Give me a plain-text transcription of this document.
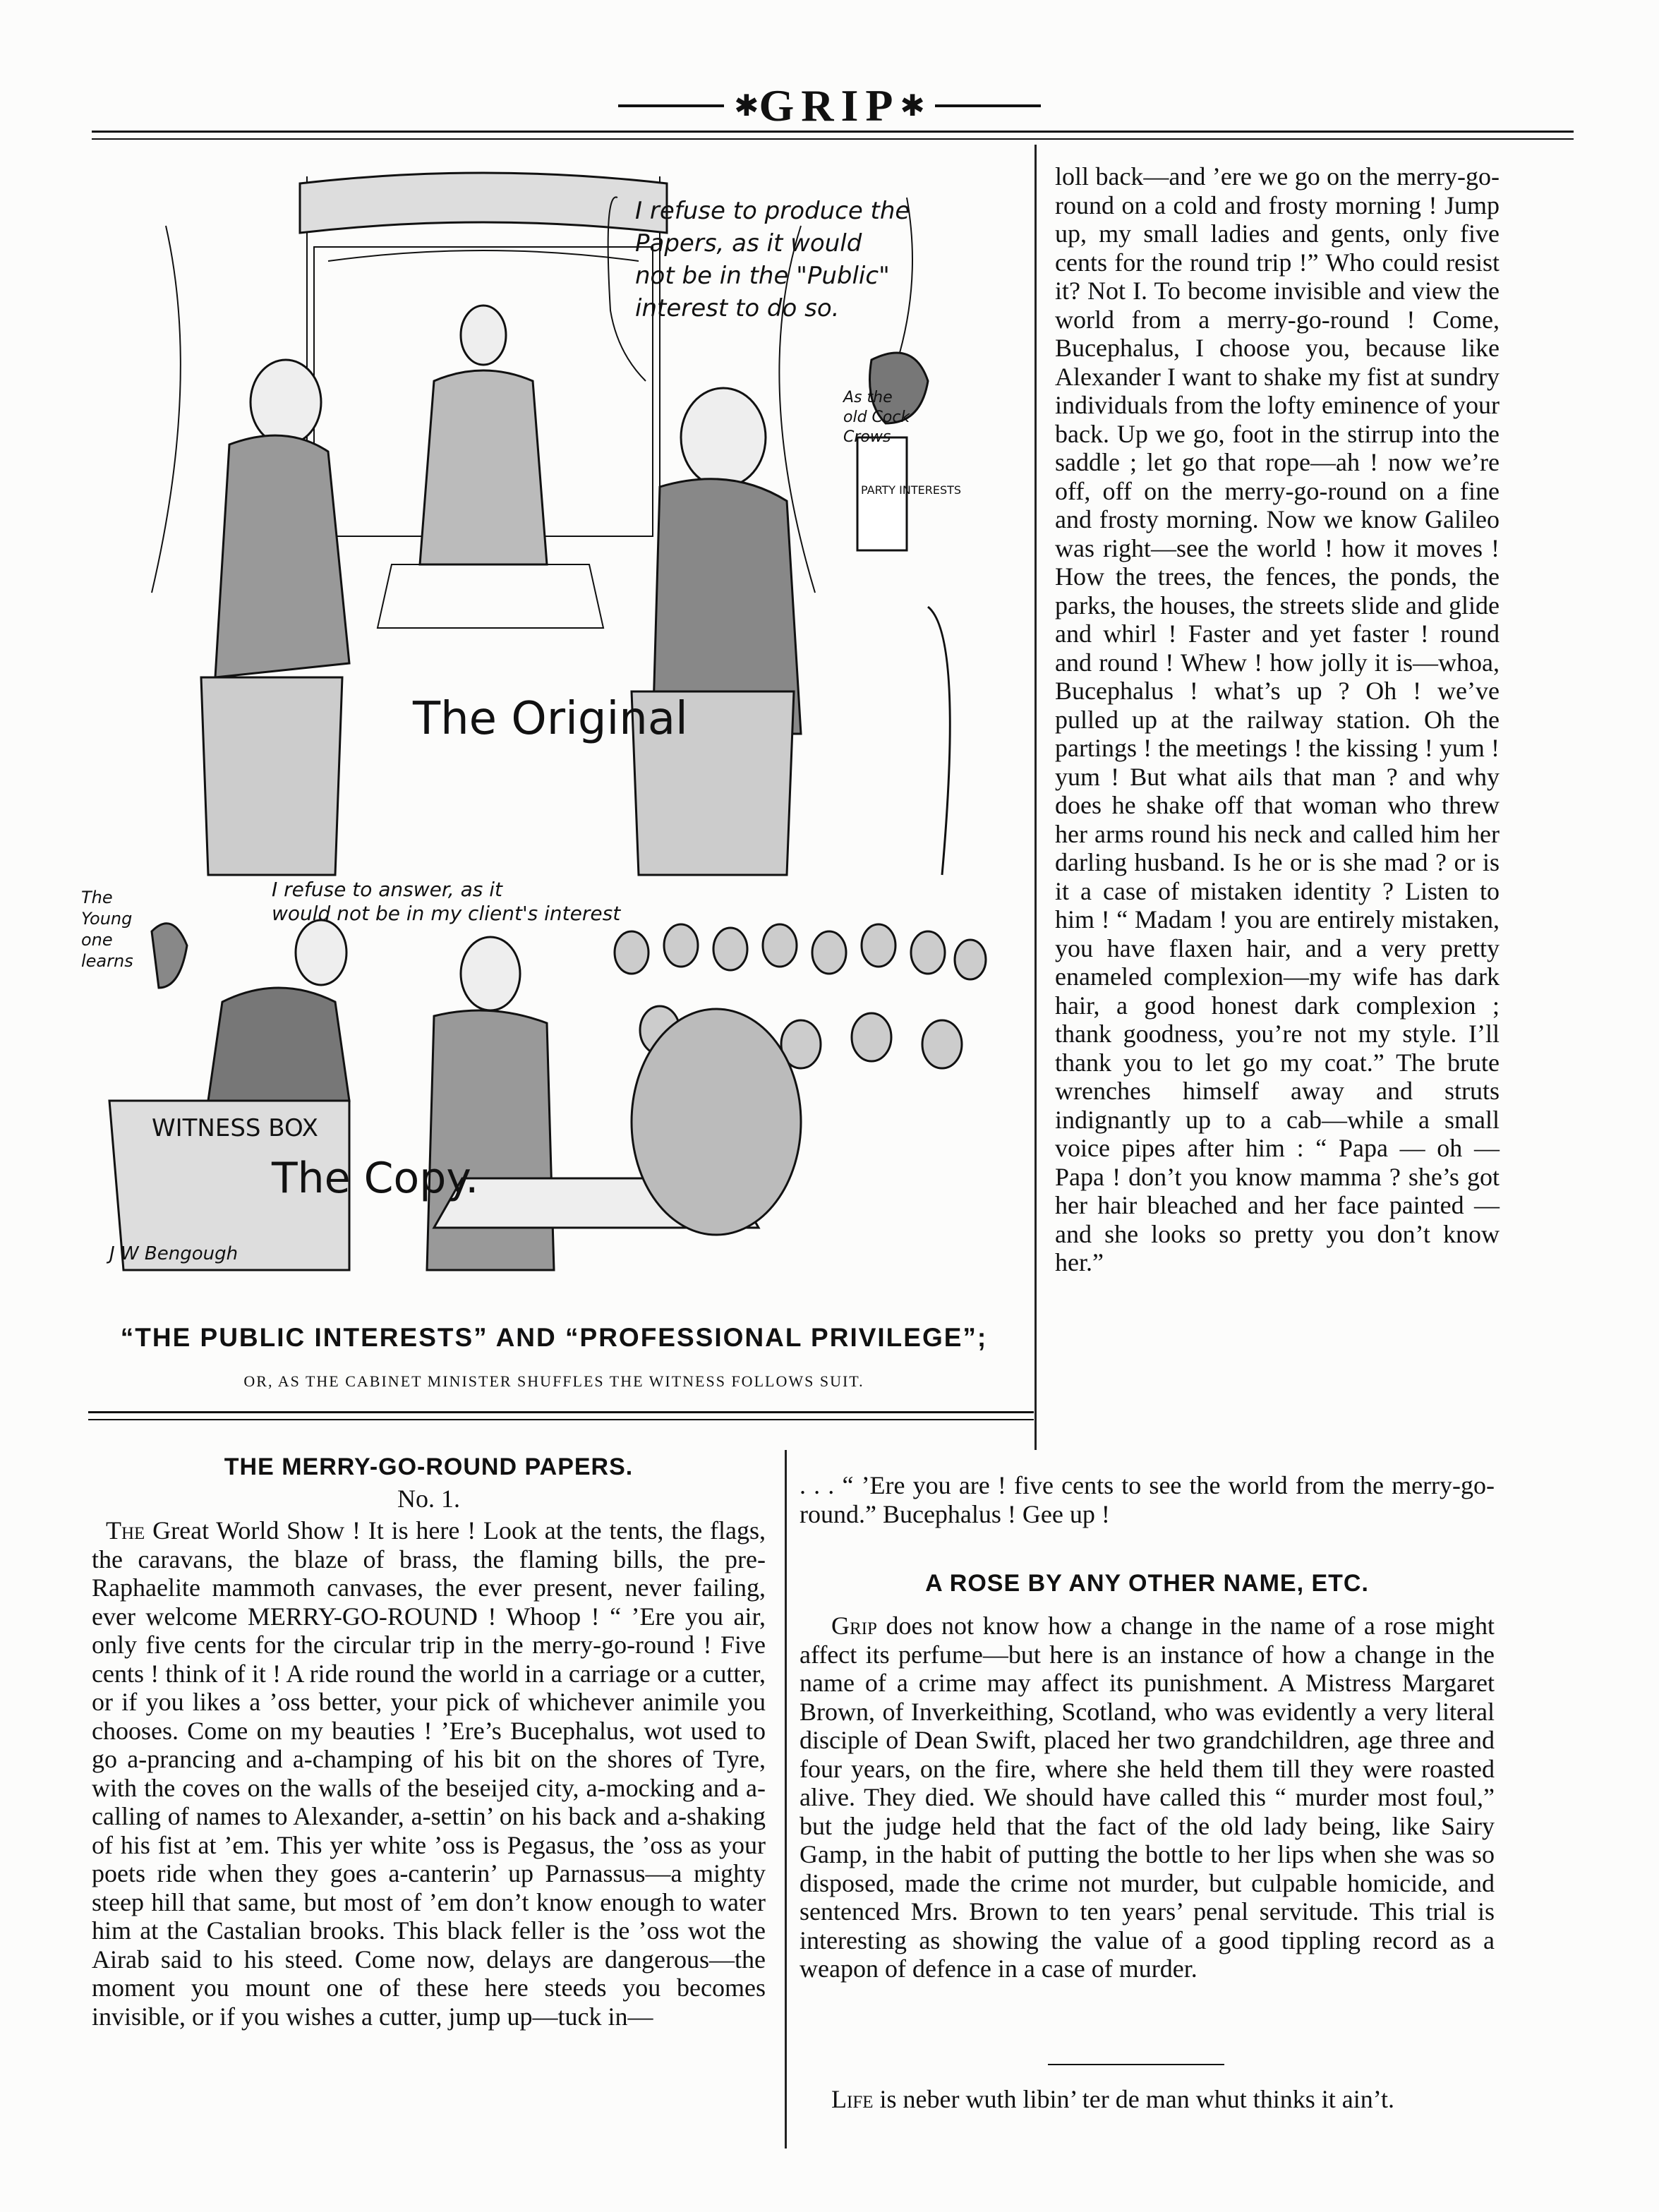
✱ GRIP ✱
I refuse to produce the Papers, as it would not be in the "Public" interest to do so.
As the old Cock Crows
PARTY INTERESTS
The Original
I refuse to answer, as it would not be in my client's interest
The Young one learns
WITNESS BOX
The Copy.
J W Bengough
“THE PUBLIC INTERESTS” AND “PROFESSIONAL PRIVILEGE”;
OR, AS THE CABINET MINISTER SHUFFLES THE WITNESS FOLLOWS SUIT.

loll back—and ’ere we go on the merry-go-round on a cold and frosty morning ! Jump up, my small ladies and gents, only five cents for the round trip !” Who could resist it? Not I. To become invisible and view the world from a merry-go-round ! Come, Bucephalus, I choose you, because like Alexander I want to shake my fist at sundry individuals from the lofty eminence of your back. Up we go, foot in the stirrup into the saddle ; let go that rope—ah ! now we’re off, off on the merry-go-round on a fine and frosty morning. Now we know Galileo was right—see the world ! how it moves ! How the trees, the fences, the ponds, the parks, the houses, the streets slide and glide and whirl ! Faster and yet faster ! round and round ! Whew ! how jolly it is—whoa, Bucephalus ! what’s up ? Oh ! we’ve pulled up at the railway station. Oh the partings ! the meetings ! the kissing ! yum ! yum ! But what ails that man ? and why does he shake off that woman who threw her arms round his neck and called him her darling husband. Is he or is she mad ? or is it a case of mistaken identity ? Listen to him ! “ Madam ! you are entirely mistaken, you have flaxen hair, and a very pretty enameled complexion—my wife has dark hair, a good honest dark complexion ; thank goodness, you’re not my style. I’ll thank you to let go my coat.” The brute wrenches himself away and struts indignantly up to a cab—while a small voice pipes after him : “ Papa — oh — Papa ! don’t you know mamma ? she’s got her hair bleached and her face painted — and she looks so pretty you don’t know her.”

. . . “ ’Ere you are ! five cents to see the world from the merry-go-round.” Bucephalus ! Gee up !

THE MERRY-GO-ROUND PAPERS.
No. 1.

The Great World Show ! It is here ! Look at the tents, the flags, the caravans, the blaze of brass, the flaming bills, the pre-Raphaelite mammoth canvases, the ever present, never failing, ever welcome MERRY-GO-ROUND ! Whoop ! “ ’Ere you air, only five cents for the circular trip in the merry-go-round ! Five cents ! think of it ! A ride round the world in a carriage or a cutter, or if you likes a ’oss better, your pick of whichever animile you chooses. Come on my beauties ! ’Ere’s Bucephalus, wot used to go a-prancing and a-champing of his bit on the shores of Tyre, with the coves on the walls of the beseijed city, a-mocking and a-calling of names to Alexander, a-settin’ on his back and a-shaking of his fist at ’em. This yer white ’oss is Pegasus, the ’oss as your poets ride when they goes a-canterin’ up Parnassus—a mighty steep hill that same, but most of ’em don’t know enough to water him at the Castalian brooks. This black feller is the ’oss wot the Airab said to his steed. Come now, delays are dangerous—the moment you mount one of these here steeds you becomes invisible, or if you wishes a cutter, jump up—tuck in—

A ROSE BY ANY OTHER NAME, ETC.

Grip does not know how a change in the name of a rose might affect its perfume—but here is an instance of how a change in the name of a crime may affect its punishment. A Mistress Margaret Brown, of Inverkeithing, Scotland, who was evidently a very literal disciple of Dean Swift, placed her two grandchildren, age three and four years, on the fire, where she held them till they were roasted alive. They died. We should have called this “ murder most foul,” but the judge held that the fact of the old lady being, like Sairy Gamp, in the habit of putting the bottle to her lips when she was so disposed, made the crime not murder, but culpable homicide, and sentenced Mrs. Brown to ten years’ penal servitude. This trial is interesting as showing the value of a good tippling record as a weapon of defence in a case of murder.

Life is neber wuth libin’ ter de man whut thinks it ain’t.
